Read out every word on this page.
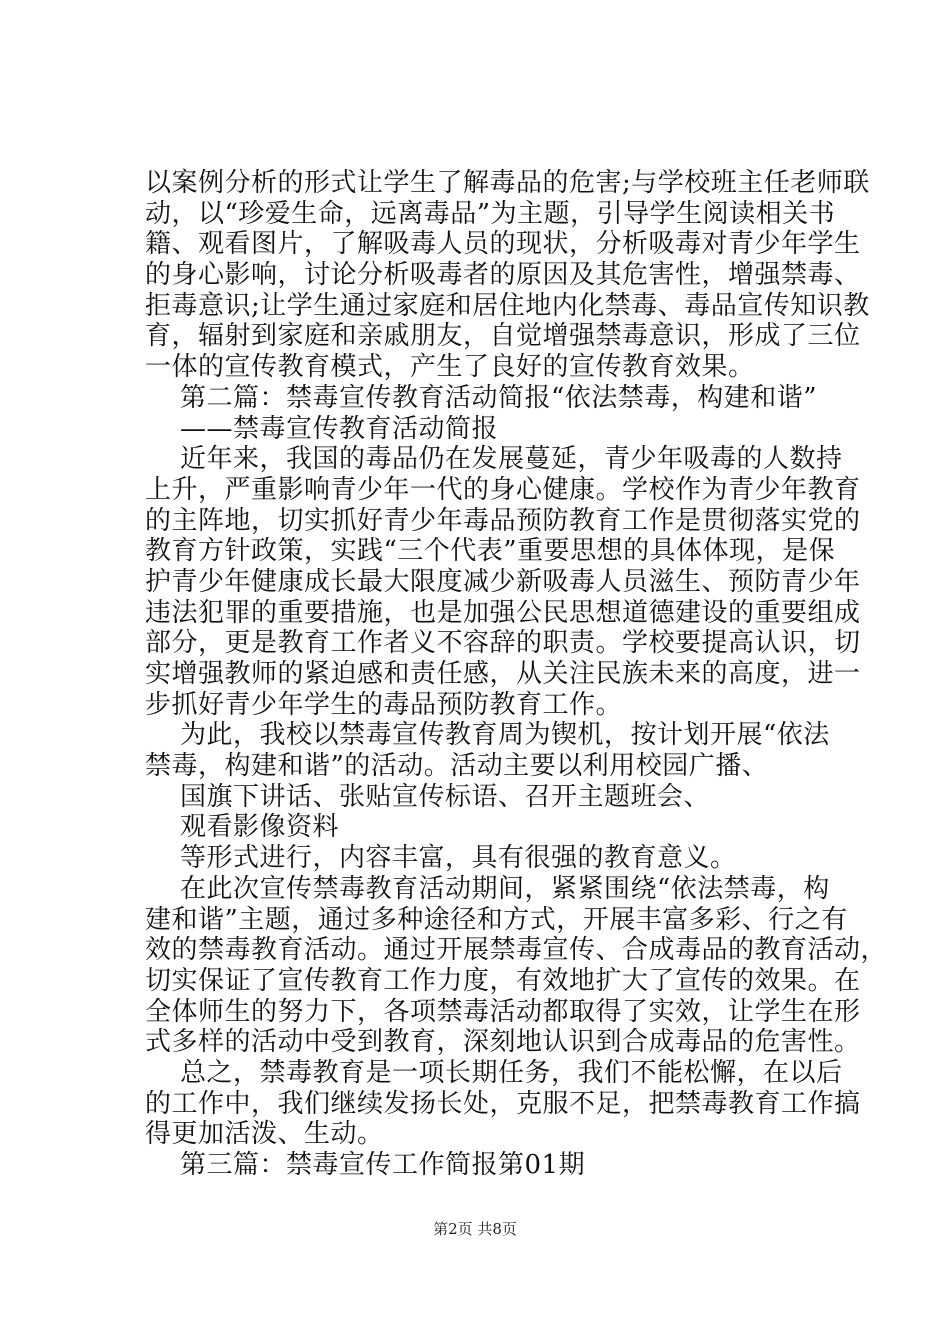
以案例分析的形式让学生了解毒品的危害;与学校班主任老师联
动，以“珍爱生命，远离毒品”为主题，引导学生阅读相关书
籍、观看图片，了解吸毒人员的现状，分析吸毒对青少年学生
的身心影响，讨论分析吸毒者的原因及其危害性，增强禁毒、
拒毒意识;让学生通过家庭和居住地内化禁毒、毒品宣传知识教
育，辐射到家庭和亲戚朋友，自觉增强禁毒意识，形成了三位
一体的宣传教育模式，产生了良好的宣传教育效果。
第二篇：禁毒宣传教育活动简报“依法禁毒，构建和谐”
——禁毒宣传教育活动简报
近年来，我国的毒品仍在发展蔓延，青少年吸毒的人数持
上升，严重影响青少年一代的身心健康。学校作为青少年教育
的主阵地，切实抓好青少年毒品预防教育工作是贯彻落实党的
教育方针政策，实践“三个代表”重要思想的具体体现，是保
护青少年健康成长最大限度减少新吸毒人员滋生、预防青少年
违法犯罪的重要措施，也是加强公民思想道德建设的重要组成
部分，更是教育工作者义不容辞的职责。学校要提高认识，切
实增强教师的紧迫感和责任感，从关注民族未来的高度，进一
步抓好青少年学生的毒品预防教育工作。
为此，我校以禁毒宣传教育周为锲机，按计划开展“依法
禁毒，构建和谐”的活动。活动主要以利用校园广播、
国旗下讲话、张贴宣传标语、召开主题班会、
观看影像资料
等形式进行，内容丰富，具有很强的教育意义。
在此次宣传禁毒教育活动期间，紧紧围绕“依法禁毒，构
建和谐”主题，通过多种途径和方式，开展丰富多彩、行之有
效的禁毒教育活动。通过开展禁毒宣传、合成毒品的教育活动，
切实保证了宣传教育工作力度，有效地扩大了宣传的效果。在
全体师生的努力下，各项禁毒活动都取得了实效，让学生在形
式多样的活动中受到教育，深刻地认识到合成毒品的危害性。
总之，禁毒教育是一项长期任务，我们不能松懈，在以后
的工作中，我们继续发扬长处，克服不足，把禁毒教育工作搞
得更加活泼、生动。
第三篇：禁毒宣传工作简报第01期
第2页 共8页
